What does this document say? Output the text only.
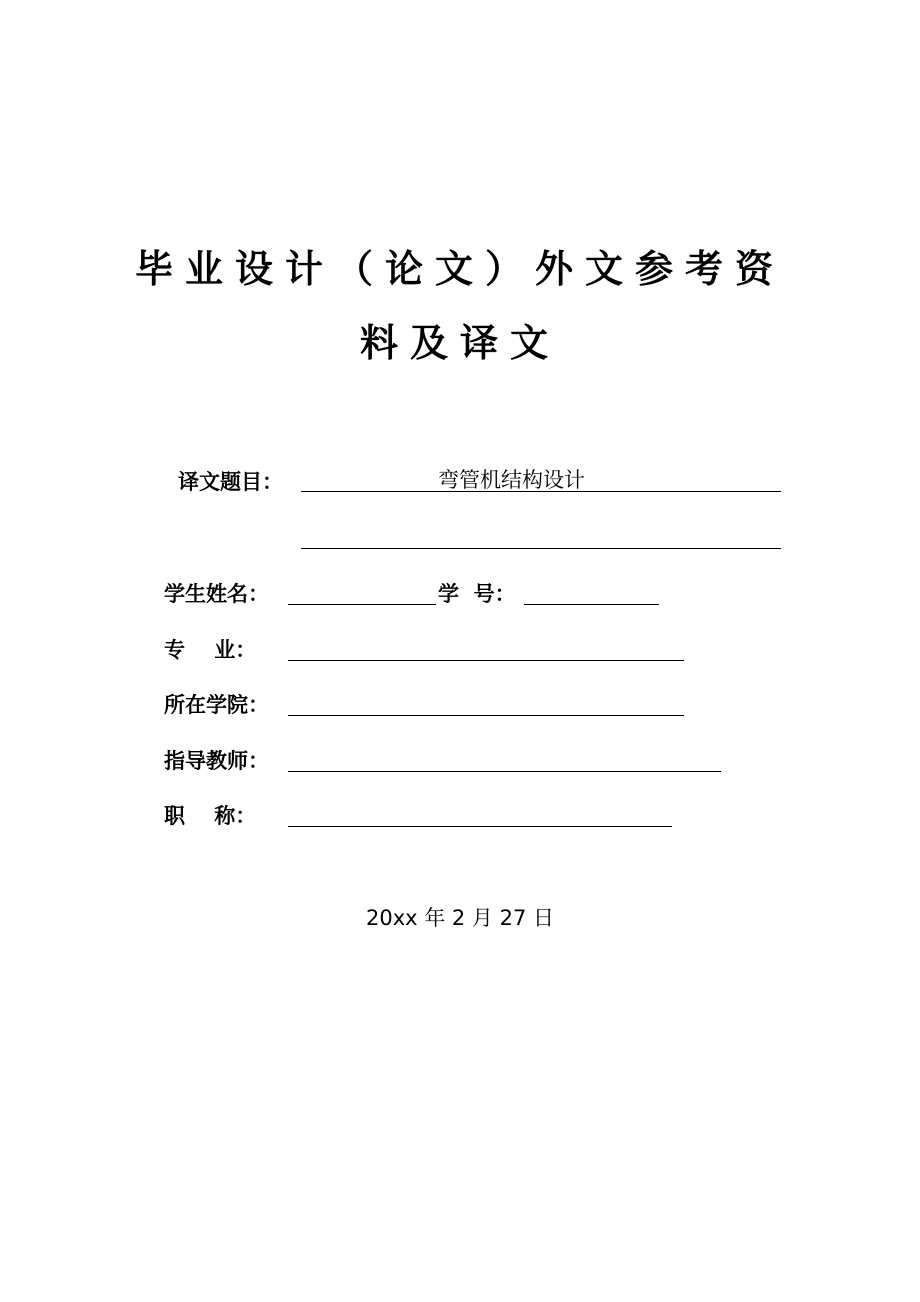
毕业设计（论文）外文参考资
料及译文
译文题目：	弯管机结构设计
学生姓名：	学  号：
专    业：
所在学院：
指导教师：
职    称：
20xx 年 2 月 27 日
